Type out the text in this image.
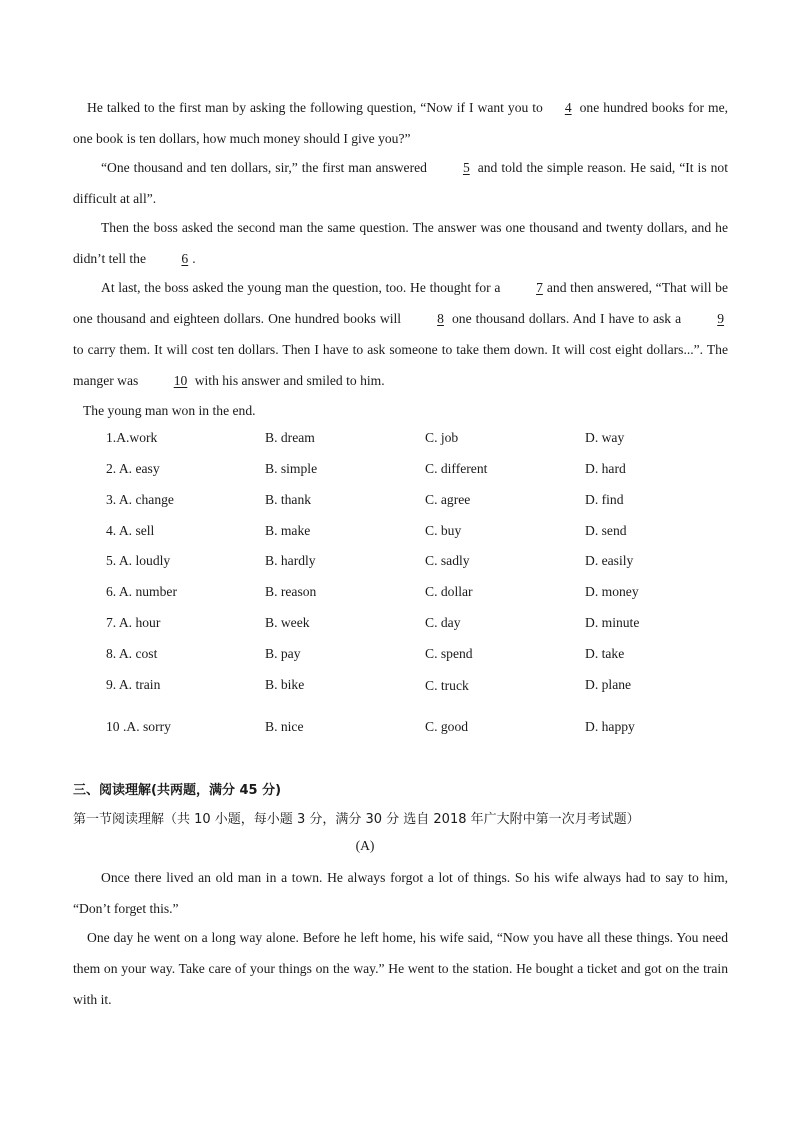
He talked to the first man by asking the following question, “Now if I want you to 4 one hundred books for me, one book is ten dollars, how much money should I give you?”
“One thousand and ten dollars, sir,” the first man answered 5 and told the simple reason. He said, “It is not difficult at all”.
Then the boss asked the second man the same question. The answer was one thousand and twenty dollars, and he didn’t tell the 6 .
At last, the boss asked the young man the question, too. He thought for a 7 and then answered, “That will be one thousand and eighteen dollars. One hundred books will 8 one thousand dollars. And I have to ask a 9 to carry them. It will cost ten dollars. Then I have to ask someone to take them down. It will cost eight dollars...”. The manger was 10 with his answer and smiled to him.
The young man won in the end.
1.A.work	B. dream	C. job	D. way
2. A. easy	B. simple	C. different	D. hard
3. A. change	B. thank	C. agree	D. find
4. A. sell	B. make	C. buy	D. send
5. A. loudly	B. hardly	C. sadly	D. easily
6. A. number	B. reason	C. dollar	D. money
7. A. hour	B. week	C. day	D. minute
8. A. cost	B. pay	C. spend	D. take
9. A. train	B. bike	C. truck	D. plane
10 .A. sorry	B. nice	C. good	D. happy
三、阅读理解(共两题，满分 45 分)
第一节阅读理解（共 10 小题，每小题 3 分，满分 30 分 选自 2018 年广大附中第一次月考试题）
(A)
Once there lived an old man in a town. He always forgot a lot of things. So his wife always had to say to him, “Don’t forget this.”
One day he went on a long way alone. Before he left home, his wife said, “Now you have all these things. You need them on your way. Take care of your things on the way.” He went to the station. He bought a ticket and got on the train with it.
